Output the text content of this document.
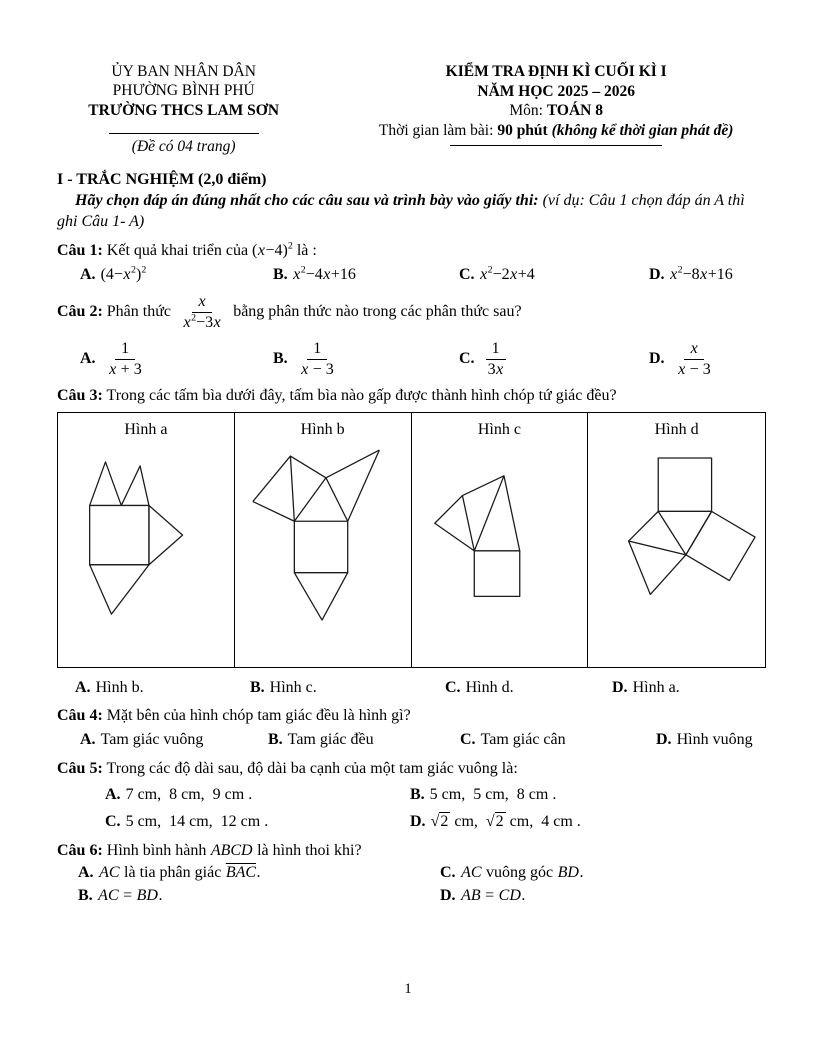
ỦY BAN NHÂN DÂN
PHƯỜNG BÌNH PHÚ
TRƯỜNG THCS LAM SƠN
(Đề có 04 trang)
KIỂM TRA ĐỊNH KÌ CUỐI KÌ I
NĂM HỌC 2025 – 2026
Môn: TOÁN 8
Thời gian làm bài: 90 phút (không kể thời gian phát đề)
I - TRẮC NGHIỆM (2,0 điểm)

Hãy chọn đáp án đúng nhất cho các câu sau và trình bày vào giấy thi: (ví dụ: Câu 1 chọn đáp án A thì ghi Câu 1- A)

Câu 1: Kết quả khai triển của $(x-4)^2$ là :
A. $(4-x^2)^2$	B. $x^2-4x+16$	C. $x^2-2x+4$	D. $x^2-8x+16$
Câu 2: Phân thức $\frac{x}{x^2-3x}$ bằng phân thức nào trong các phân thức sau?
A. $\frac{1}{x + 3}$	B. $\frac{1}{x - 3}$	C. $\frac{1}{3x}$	D. $\frac{x}{x - 3}$
Câu 3: Trong các tấm bìa dưới đây, tấm bìa nào gấp được thành hình chóp tứ giác đều?
Hình a	Hình b	Hình c	Hình d
A. Hình b.	B. Hình c.	C. Hình d.	D. Hình a.
Câu 4: Mặt bên của hình chóp tam giác đều là hình gì?
A. Tam giác vuông	B. Tam giác đều	C. Tam giác cân	D. Hình vuông
Câu 5: Trong các độ dài sau, độ dài ba cạnh của một tam giác vuông là:
A. 7 cm,  8 cm,  9 cm .	B. 5 cm,  5 cm,  8 cm .
C. 5 cm,  14 cm,  12 cm .	D. √2 cm,  √2 cm,  4 cm .
Câu 6: Hình bình hành ABCD là hình thoi khi?
A. AC là tia phân giác $\overline{BAC}$.	C. AC vuông góc BD.
B. AC = BD.	D. AB = CD.
1
